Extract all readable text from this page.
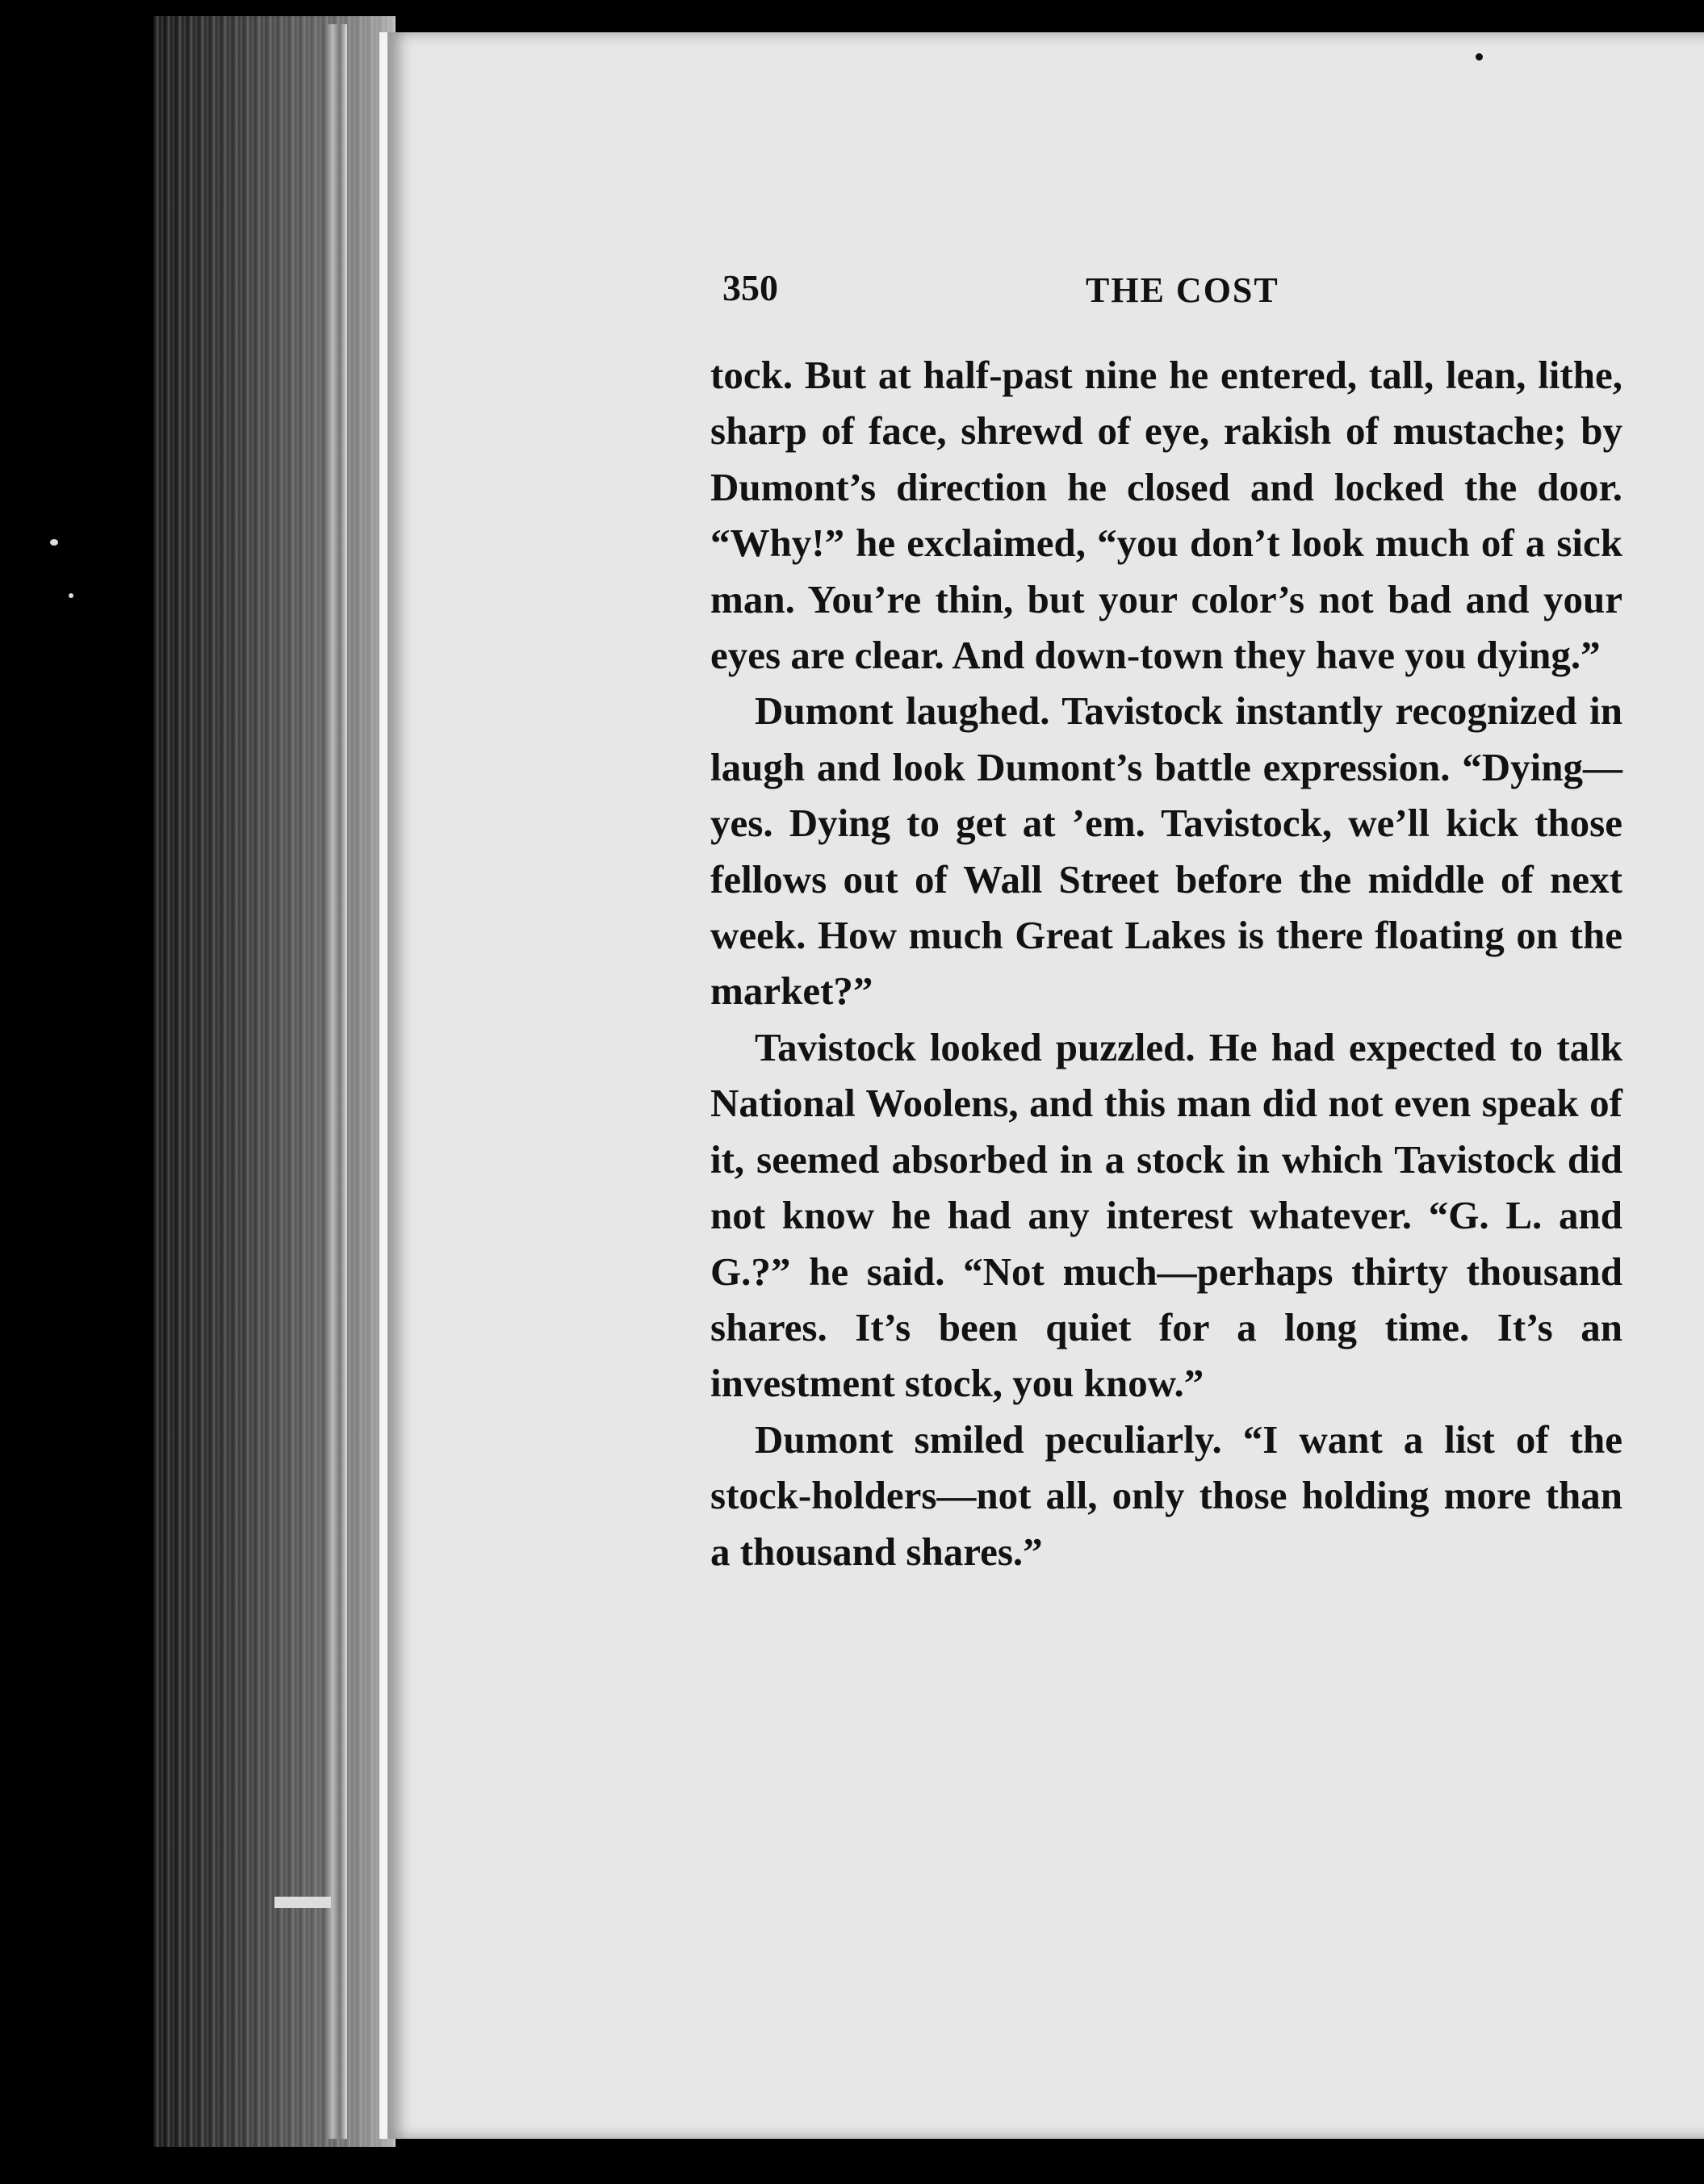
350	THE COST

tock. But at half-past nine he entered, tall, lean, lithe, sharp of face, shrewd of eye, rakish of mustache; by Dumont’s direction he closed and locked the door. “Why!” he exclaimed, “you don’t look much of a sick man. You’re thin, but your color’s not bad and your eyes are clear. And down-town they have you dying.”

Dumont laughed. Tavistock instantly recognized in laugh and look Dumont’s battle expression. “Dying—yes. Dying to get at ’em. Tavistock, we’ll kick those fellows out of Wall Street before the middle of next week. How much Great Lakes is there floating on the market?”

Tavistock looked puzzled. He had expected to talk National Woolens, and this man did not even speak of it, seemed absorbed in a stock in which Tavistock did not know he had any interest whatever. “G. L. and G.?” he said. “Not much—perhaps thirty thousand shares. It’s been quiet for a long time. It’s an investment stock, you know.”

Dumont smiled peculiarly. “I want a list of the stock-holders—not all, only those holding more than a thousand shares.”
